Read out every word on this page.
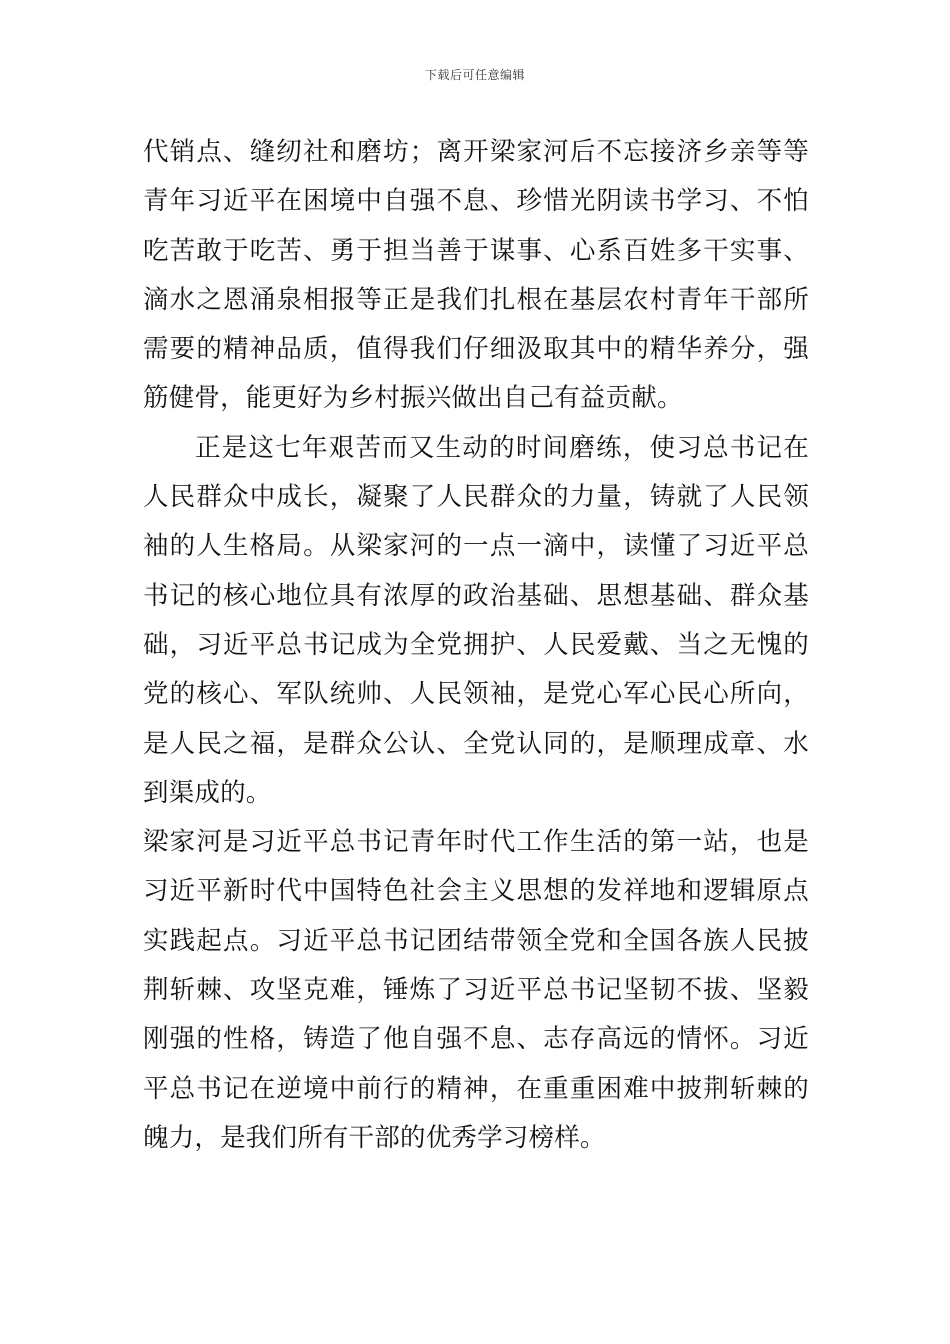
下载后可任意编辑
代销点、缝纫社和磨坊；离开梁家河后不忘接济乡亲等等
青年习近平在困境中自强不息、珍惜光阴读书学习、不怕
吃苦敢于吃苦、勇于担当善于谋事、心系百姓多干实事、
滴水之恩涌泉相报等正是我们扎根在基层农村青年干部所
需要的精神品质，值得我们仔细汲取其中的精华养分，强
筋健骨，能更好为乡村振兴做出自己有益贡献。
正是这七年艰苦而又生动的时间磨练，使习总书记在
人民群众中成长，凝聚了人民群众的力量，铸就了人民领
袖的人生格局。从梁家河的一点一滴中，读懂了习近平总
书记的核心地位具有浓厚的政治基础、思想基础、群众基
础，习近平总书记成为全党拥护、人民爱戴、当之无愧的
党的核心、军队统帅、人民领袖，是党心军心民心所向，
是人民之福，是群众公认、全党认同的，是顺理成章、水
到渠成的。
梁家河是习近平总书记青年时代工作生活的第一站，也是
习近平新时代中国特色社会主义思想的发祥地和逻辑原点
实践起点。习近平总书记团结带领全党和全国各族人民披
荆斩棘、攻坚克难，锤炼了习近平总书记坚韧不拔、坚毅
刚强的性格，铸造了他自强不息、志存高远的情怀。习近
平总书记在逆境中前行的精神，在重重困难中披荆斩棘的
魄力，是我们所有干部的优秀学习榜样。
